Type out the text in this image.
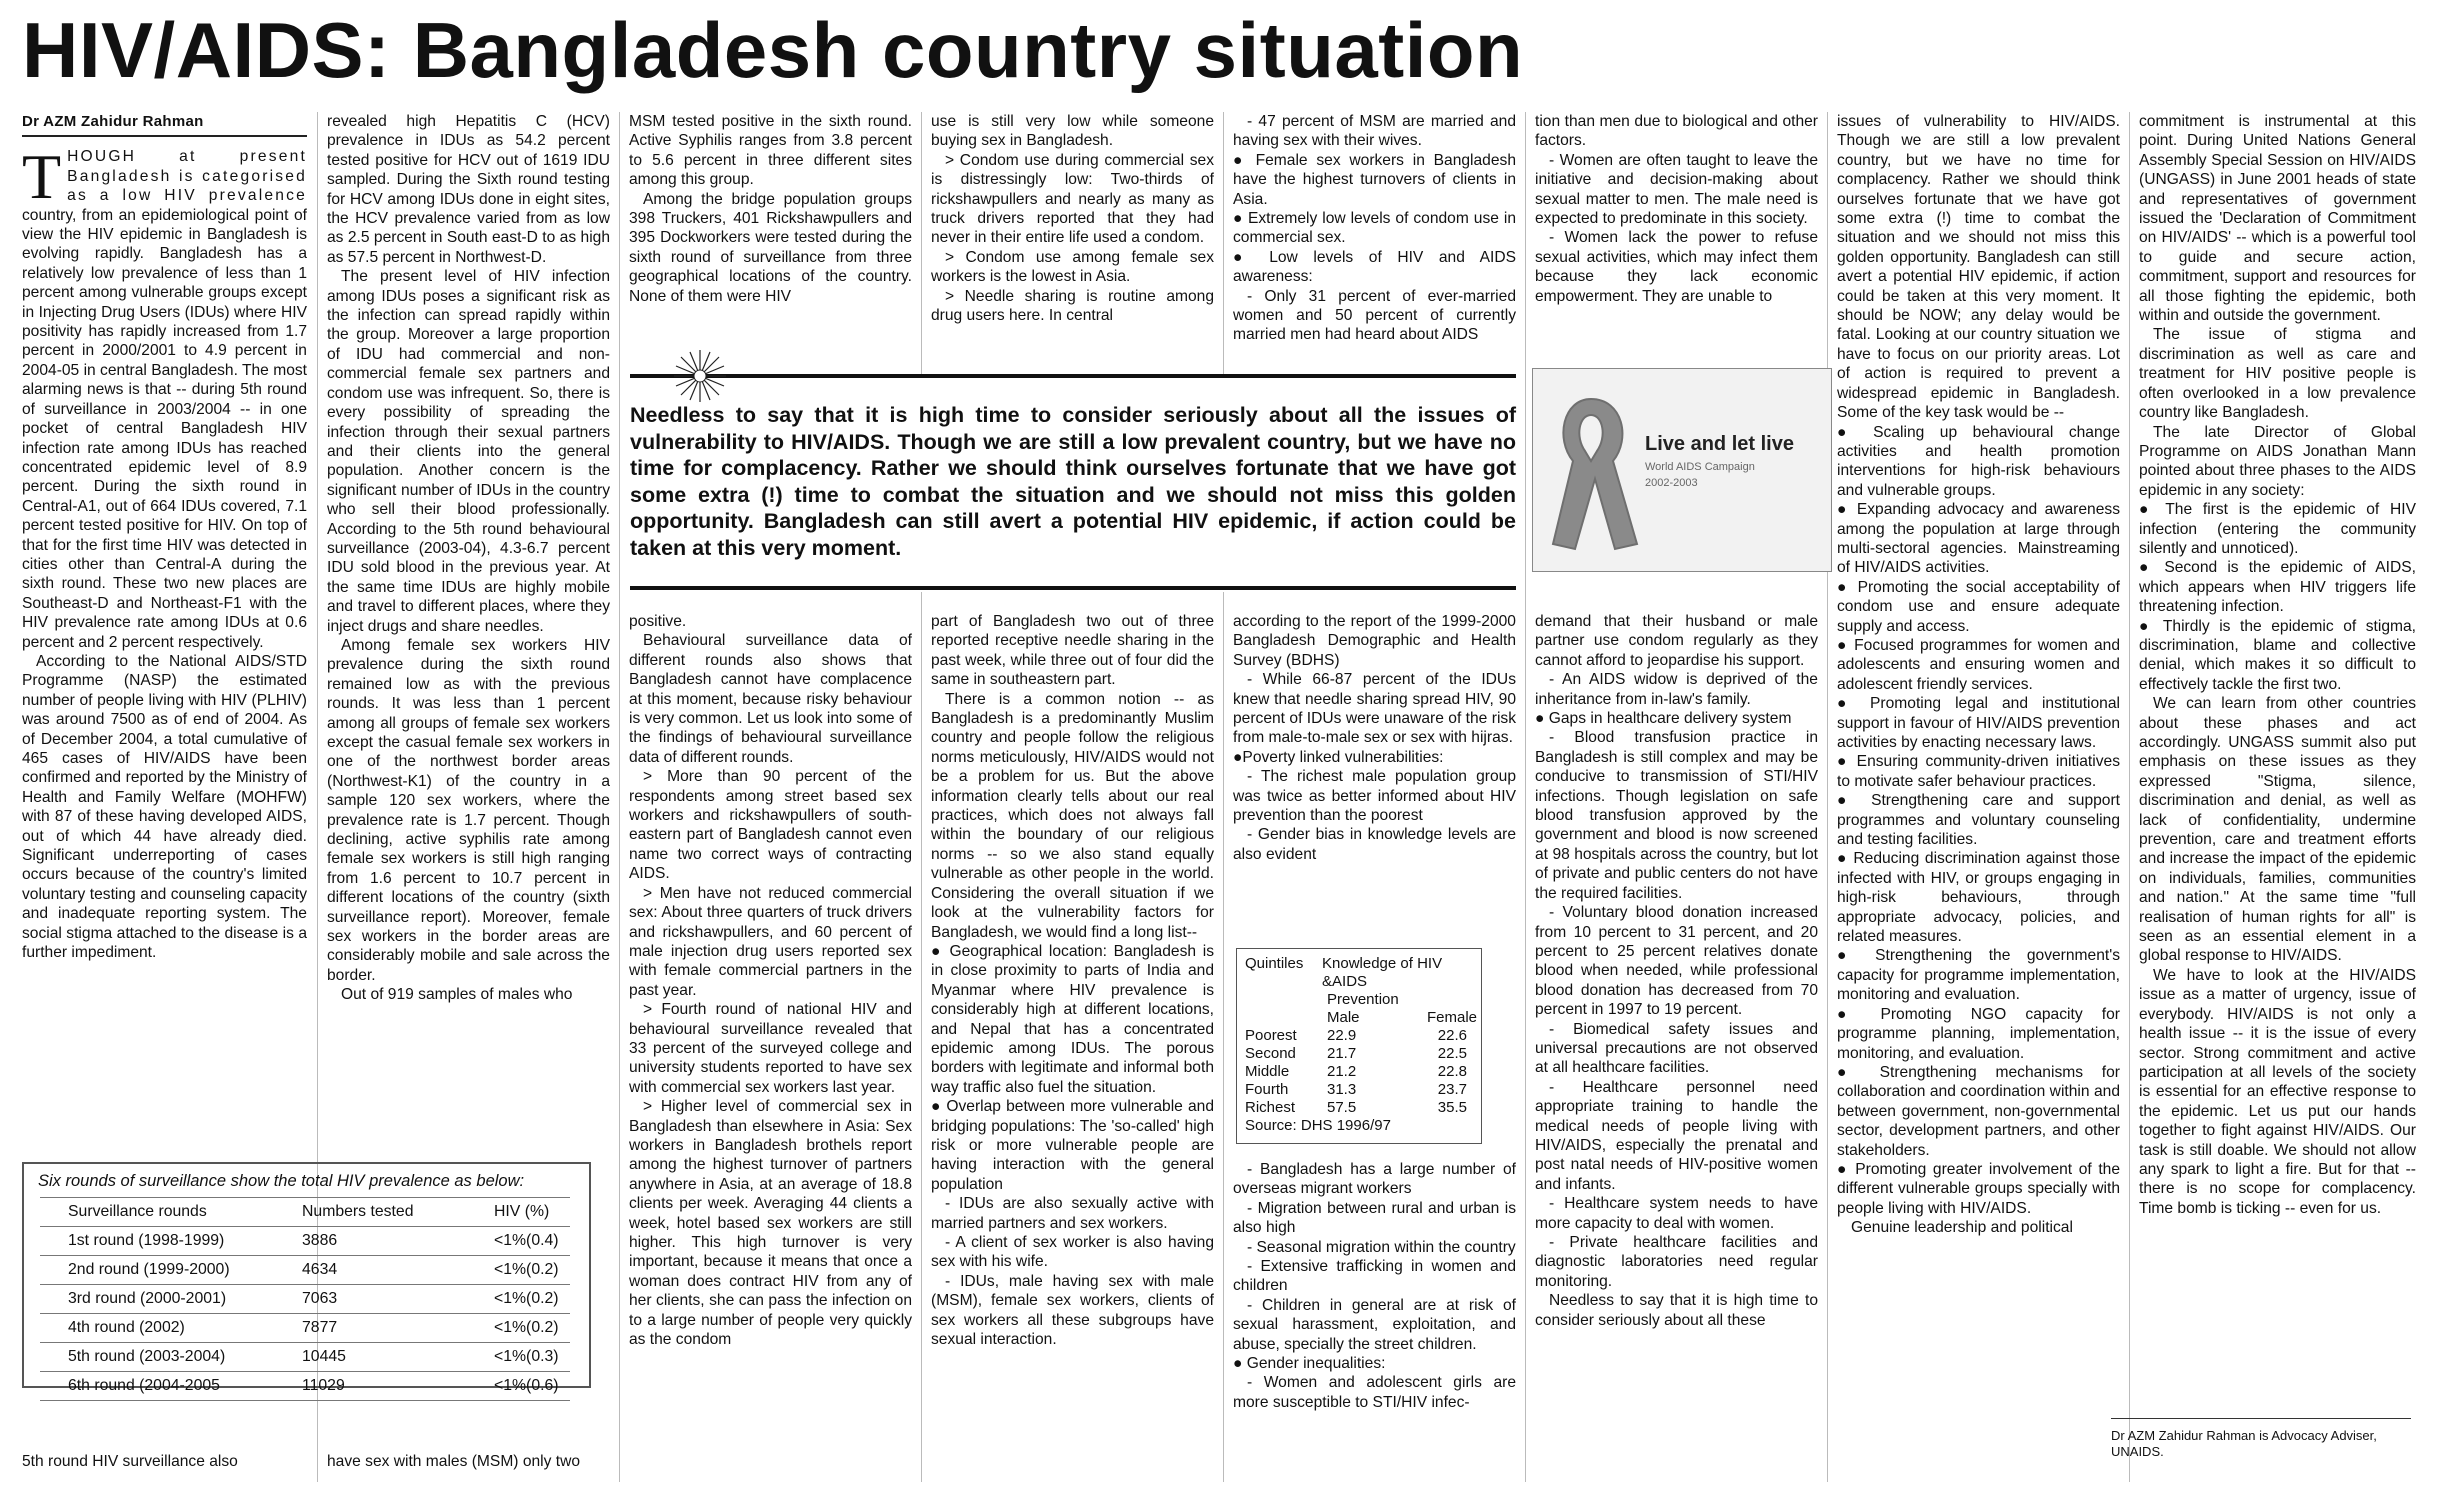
HIV/AIDS: Bangladesh country situation
Dr AZM Zahidur Rahman
T HOUGH at present Bangladesh is categorised as a low HIV prevalence country, from an epidemiological point of view the HIV epidemic in Bangladesh is evolving rapidly. Bangladesh has a relatively low prevalence of less than 1 percent among vulnerable groups except in Injecting Drug Users (IDUs) where HIV positivity has rapidly increased from 1.7 percent in 2000/2001 to 4.9 percent in 2004-05 in central Bangladesh. The most alarming news is that -- during 5th round of surveillance in 2003/2004 -- in one pocket of central Bangladesh HIV infection rate among IDUs has reached concentrated epidemic level of 8.9 percent. During the sixth round in Central-A1, out of 664 IDUs covered, 7.1 percent tested positive for HIV. On top of that for the first time HIV was detected in cities other than Central-A during the sixth round. These two new places are Southeast-D and Northeast-F1 with the HIV prevalence rate among IDUs at 0.6 percent and 2 percent respectively.

According to the National AIDS/STD Programme (NASP) the estimated number of people living with HIV (PLHIV) was around 7500 as of end of 2004. As of December 2004, a total cumulative of 465 cases of HIV/AIDS have been confirmed and reported by the Ministry of Health and Family Welfare (MOHFW) with 87 of these having developed AIDS, out of which 44 have already died. Significant underreporting of cases occurs because of the country's limited voluntary testing and counseling capacity and inadequate reporting system. The social stigma attached to the disease is a further impediment.

5th round HIV surveillance also

revealed high Hepatitis C (HCV) prevalence in IDUs as 54.2 percent tested positive for HCV out of 1619 IDU sampled. During the Sixth round testing for HCV among IDUs done in eight sites, the HCV prevalence varied from as low as 2.5 percent in South east-D to as high as 57.5 percent in Northwest-D.

The present level of HIV infection among IDUs poses a significant risk as the infection can spread rapidly within the group. Moreover a large proportion of IDU had commercial and non-commercial female sex partners and condom use was infrequent. So, there is every possibility of spreading the infection through their sexual partners and their clients into the general population. Another concern is the significant number of IDUs in the country who sell their blood professionally. According to the 5th round behavioural surveillance (2003-04), 4.3-6.7 percent IDU sold blood in the previous year. At the same time IDUs are highly mobile and travel to different places, where they inject drugs and share needles.

Among female sex workers HIV prevalence during the sixth round remained low as with the previous rounds. It was less than 1 percent among all groups of female sex workers except the casual female sex workers in one of the northwest border areas (Northwest-K1) of the country in a sample 120 sex workers, where the prevalence rate is 1.7 percent. Though declining, active syphilis rate among female sex workers is still high ranging from 1.6 percent to 10.7 percent in different locations of the country (sixth surveillance report). Moreover, female sex workers in the border areas are considerably mobile and sale across the border.

Out of 919 samples of males who

have sex with males (MSM) only two

Six rounds of surveillance show the total HIV prevalence as below:
Surveillance rounds	Numbers tested	HIV (%)
1st round (1998-1999)	3886	<1%(0.4)
2nd round (1999-2000)	4634	<1%(0.2)
3rd round (2000-2001)	7063	<1%(0.2)
4th round (2002)	7877	<1%(0.2)
5th round (2003-2004)	10445	<1%(0.3)
6th round (2004-2005	11029	<1%(0.6)

MSM tested positive in the sixth round. Active Syphilis ranges from 3.8 percent to 5.6 percent in three different sites among this group.

Among the bridge population groups 398 Truckers, 401 Rickshawpullers and 395 Dockworkers were tested during the sixth round of surveillance from three geographical locations of the country. None of them were HIV

use is still very low while someone buying sex in Bangladesh.

> Condom use during commercial sex is distressingly low: Two-thirds of rickshawpullers and nearly as many as truck drivers reported that they had never in their entire life used a condom.

> Condom use among female sex workers is the lowest in Asia.

> Needle sharing is routine among drug users here. In central

- 47 percent of MSM are married and having sex with their wives.

● Female sex workers in Bangladesh have the highest turnovers of clients in Asia.

● Extremely low levels of condom use in commercial sex.

● Low levels of HIV and AIDS awareness:

- Only 31 percent of ever-married women and 50 percent of currently married men had heard about AIDS

tion than men due to biological and other factors.

- Women are often taught to leave the initiative and decision-making about sexual matter to men. The male need is expected to predominate in this society.

- Women lack the power to refuse sexual activities, which may infect them because they lack economic empowerment. They are unable to

Needless to say that it is high time to consider seriously about all the issues of vulnerability to HIV/AIDS. Though we are still a low prevalent country, but we have no time for complacency. Rather we should think ourselves fortunate that we have got some extra (!) time to combat the situation and we should not miss this golden opportunity. Bangladesh can still avert a potential HIV epidemic, if action could be taken at this very moment.
Live and let live
World AIDS Campaign
2002-2003

positive.

Behavioural surveillance data of different rounds also shows that Bangladesh cannot have complacence at this moment, because risky behaviour is very common. Let us look into some of the findings of behavioural surveillance data of different rounds.

> More than 90 percent of the respondents among street based sex workers and rickshawpullers of south-eastern part of Bangladesh cannot even name two correct ways of contracting AIDS.

> Men have not reduced commercial sex: About three quarters of truck drivers and rickshawpullers, and 60 percent of male injection drug users reported sex with female commercial partners in the past year.

> Fourth round of national HIV and behavioural surveillance revealed that 33 percent of the surveyed college and university students reported to have sex with commercial sex workers last year.

> Higher level of commercial sex in Bangladesh than elsewhere in Asia: Sex workers in Bangladesh brothels report among the highest turnover of partners anywhere in Asia, at an average of 18.8 clients per week. Averaging 44 clients a week, hotel based sex workers are still higher. This high turnover is very important, because it means that once a woman does contract HIV from any of her clients, she can pass the infection on to a large number of people very quickly as the condom

part of Bangladesh two out of three reported receptive needle sharing in the past week, while three out of four did the same in southeastern part.

There is a common notion -- as Bangladesh is a predominantly Muslim country and people follow the religious norms meticulously, HIV/AIDS would not be a problem for us. But the above information clearly tells about our real practices, which does not always fall within the boundary of our religious norms -- so we also stand equally vulnerable as other people in the world. Considering the overall situation if we look at the vulnerability factors for Bangladesh, we would find a long list--

● Geographical location: Bangladesh is in close proximity to parts of India and Myanmar where HIV prevalence is considerably high at different locations, and Nepal that has a concentrated epidemic among IDUs. The porous borders with legitimate and informal both way traffic also fuel the situation.

● Overlap between more vulnerable and bridging populations: The 'so-called' high risk or more vulnerable people are having interaction with the general population

- IDUs are also sexually active with married partners and sex workers.

- A client of sex worker is also having sex with his wife.

- IDUs, male having sex with male (MSM), female sex workers, clients of sex workers all these subgroups have sexual interaction.

according to the report of the 1999-2000 Bangladesh Demographic and Health Survey (BDHS)

- While 66-87 percent of the IDUs knew that needle sharing spread HIV, 90 percent of IDUs were unaware of the risk from male-to-male sex or sex with hijras.

●Poverty linked vulnerabilities:

- The richest male population group was twice as better informed about HIV prevention than the poorest

- Gender bias in knowledge levels are also evident

Quintiles	Knowledge of HIV &AIDS
Prevention
Male	Female
Poorest	22.9	22.6
Second	21.7	22.5
Middle	21.2	22.8
Fourth	31.3	23.7
Richest	57.5	35.5
Source: DHS 1996/97

- Bangladesh has a large number of overseas migrant workers

- Migration between rural and urban is also high

- Seasonal migration within the country

- Extensive trafficking in women and children

- Children in general are at risk of sexual harassment, exploitation, and abuse, specially the street children.

● Gender inequalities:

- Women and adolescent girls are more susceptible to STI/HIV infec-

demand that their husband or male partner use condom regularly as they cannot afford to jeopardise his support.

- An AIDS widow is deprived of the inheritance from in-law's family.

● Gaps in healthcare delivery system

- Blood transfusion practice in Bangladesh is still complex and may be conducive to transmission of STI/HIV infections. Though legislation on safe blood transfusion approved by the government and blood is now screened at 98 hospitals across the country, but lot of private and public centers do not have the required facilities.

- Voluntary blood donation increased from 10 percent to 31 percent, and 20 percent to 25 percent relatives donate blood when needed, while professional blood donation has decreased from 70 percent in 1997 to 19 percent.

- Biomedical safety issues and universal precautions are not observed at all healthcare facilities.

- Healthcare personnel need appropriate training to handle the medical needs of people living with HIV/AIDS, especially the prenatal and post natal needs of HIV-positive women and infants.

- Healthcare system needs to have more capacity to deal with women.

- Private healthcare facilities and diagnostic laboratories need regular monitoring.

Needless to say that it is high time to consider seriously about all these

issues of vulnerability to HIV/AIDS. Though we are still a low prevalent country, but we have no time for complacency. Rather we should think ourselves fortunate that we have got some extra (!) time to combat the situation and we should not miss this golden opportunity. Bangladesh can still avert a potential HIV epidemic, if action could be taken at this very moment. It should be NOW; any delay would be fatal. Looking at our country situation we have to focus on our priority areas. Lot of action is required to prevent a widespread epidemic in Bangladesh. Some of the key task would be --

● Scaling up behavioural change activities and health promotion interventions for high-risk behaviours and vulnerable groups.

● Expanding advocacy and awareness among the population at large through multi-sectoral agencies. Mainstreaming of HIV/AIDS activities.

● Promoting the social acceptability of condom use and ensure adequate supply and access.

● Focused programmes for women and adolescents and ensuring women and adolescent friendly services.

● Promoting legal and institutional support in favour of HIV/AIDS prevention activities by enacting necessary laws.

● Ensuring community-driven initiatives to motivate safer behaviour practices.

● Strengthening care and support programmes and voluntary counseling and testing facilities.

● Reducing discrimination against those infected with HIV, or groups engaging in high-risk behaviours, through appropriate advocacy, policies, and related measures.

● Strengthening the government's capacity for programme implementation, monitoring and evaluation.

● Promoting NGO capacity for programme planning, implementation, monitoring, and evaluation.

● Strengthening mechanisms for collaboration and coordination within and between government, non-governmental sector, development partners, and other stakeholders.

● Promoting greater involvement of the different vulnerable groups specially with people living with HIV/AIDS.

Genuine leadership and political

commitment is instrumental at this point. During United Nations General Assembly Special Session on HIV/AIDS (UNGASS) in June 2001 heads of state and representatives of government issued the 'Declaration of Commitment on HIV/AIDS' -- which is a powerful tool to guide and secure action, commitment, support and resources for all those fighting the epidemic, both within and outside the government.

The issue of stigma and discrimination as well as care and treatment for HIV positive people is often overlooked in a low prevalence country like Bangladesh.

The late Director of Global Programme on AIDS Jonathan Mann pointed about three phases to the AIDS epidemic in any society:

● The first is the epidemic of HIV infection (entering the community silently and unnoticed).

● Second is the epidemic of AIDS, which appears when HIV triggers life threatening infection.

● Thirdly is the epidemic of stigma, discrimination, blame and collective denial, which makes it so difficult to effectively tackle the first two.

We can learn from other countries about these phases and act accordingly. UNGASS summit also put emphasis on these issues as they expressed "Stigma, silence, discrimination and denial, as well as lack of confidentiality, undermine prevention, care and treatment efforts and increase the impact of the epidemic on individuals, families, communities and nation." At the same time "full realisation of human rights for all" is seen as an essential element in a global response to HIV/AIDS.

We have to look at the HIV/AIDS issue as a matter of urgency, issue of everybody. HIV/AIDS is not only a health issue -- it is the issue of every sector. Strong commitment and active participation at all levels of the society is essential for an effective response to the epidemic. Let us put our hands together to fight against HIV/AIDS. Our task is still doable. We should not allow any spark to light a fire. But for that -- there is no scope for complacency. Time bomb is ticking -- even for us.

Dr AZM Zahidur Rahman is Advocacy Adviser, UNAIDS.
